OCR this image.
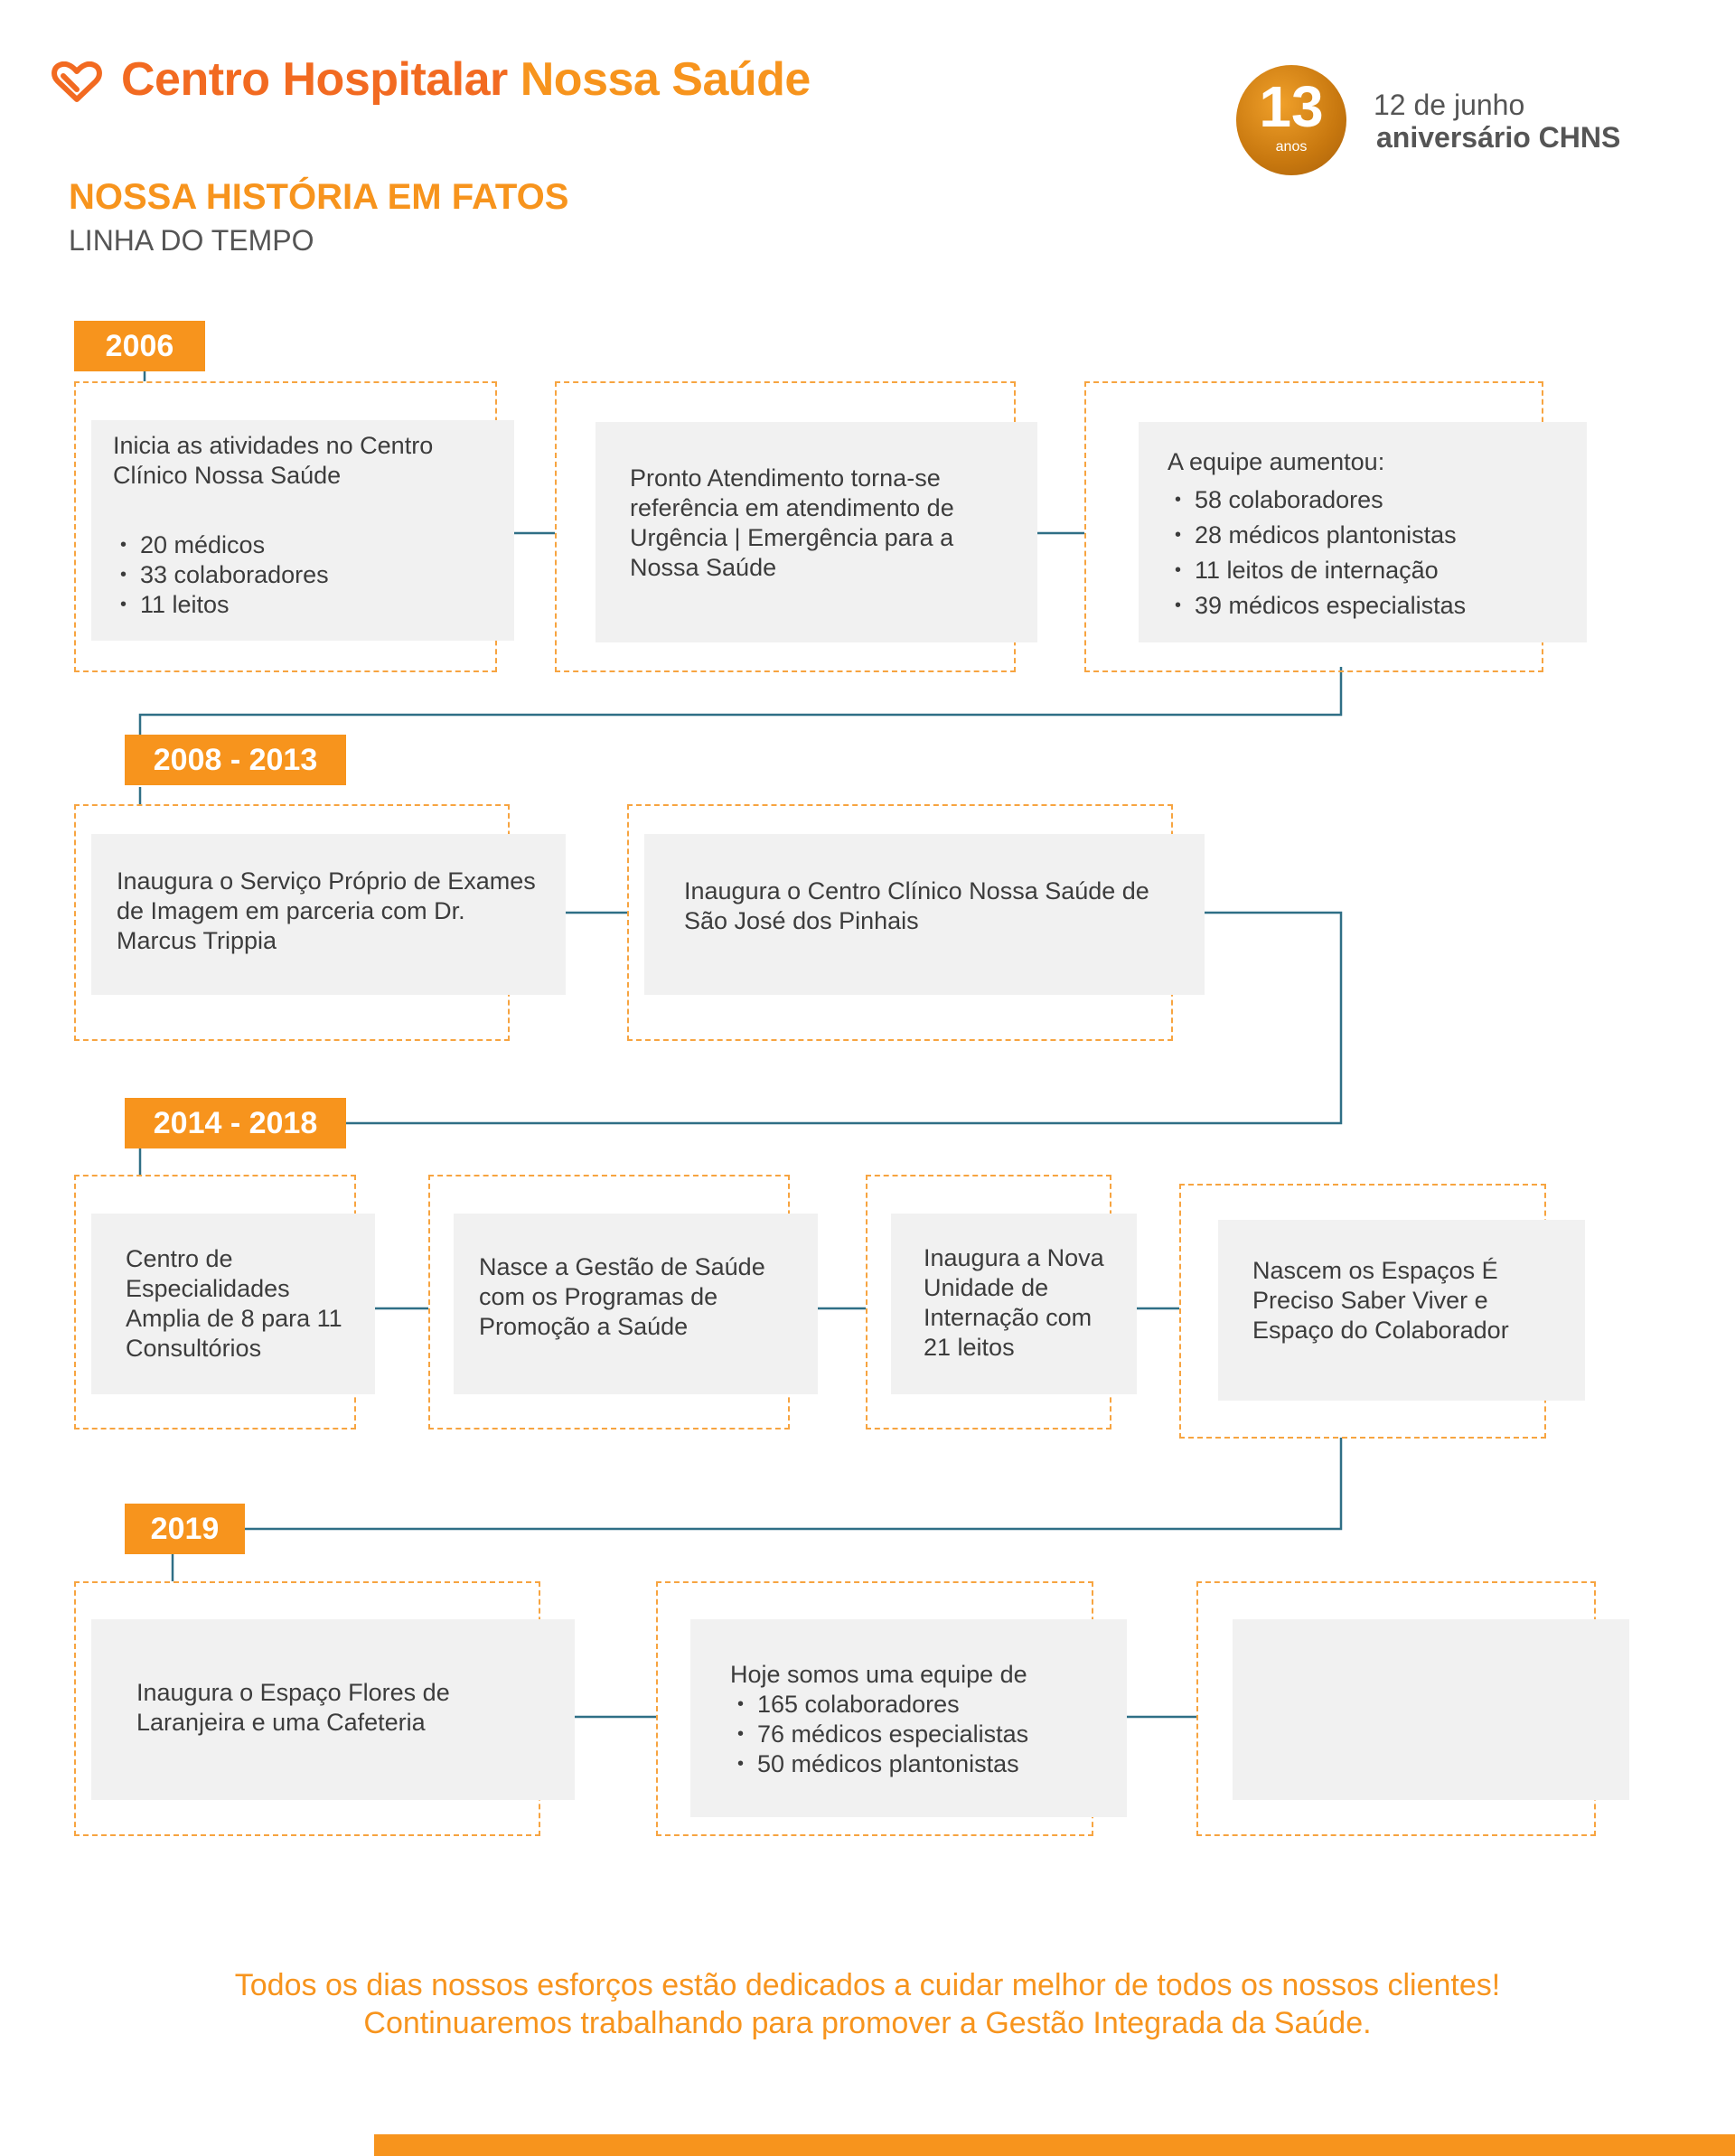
Centro Hospitalar Nossa Saúde	13
anos
12 de junho
aniversário CHNS
NOSSA HISTÓRIA EM FATOS
LINHA DO TEMPO
2006

Inicia as atividades no Centro Clínico Nossa Saúde

• 20 médicos
• 33 colaboradores
• 11 leitos

Pronto Atendimento torna-se referência em atendimento de Urgência | Emergência para a Nossa Saúde

A equipe aumentou:

• 58 colaboradores
• 28 médicos plantonistas
• 11 leitos de internação
• 39 médicos especialistas
2008 - 2013

Inaugura o Serviço Próprio de Exames de Imagem em parceria com Dr. Marcus Trippia

Inaugura o Centro Clínico Nossa Saúde de São José dos Pinhais

2014 - 2018

Centro de Especialidades Amplia de 8 para 11 Consultórios

Nasce a Gestão de Saúde com os Programas de Promoção a Saúde

Inaugura a Nova Unidade de Internação com 21 leitos

Nascem os Espaços É Preciso Saber Viver e Espaço do Colaborador

2019

Inaugura o Espaço Flores de Laranjeira e uma Cafeteria

Hoje somos uma equipe de

• 165 colaboradores
• 76 médicos especialistas
• 50 médicos plantonistas

Todos os dias nossos esforços estão dedicados a cuidar melhor de todos os nossos clientes!
Continuaremos trabalhando para promover a Gestão Integrada da Saúde.
